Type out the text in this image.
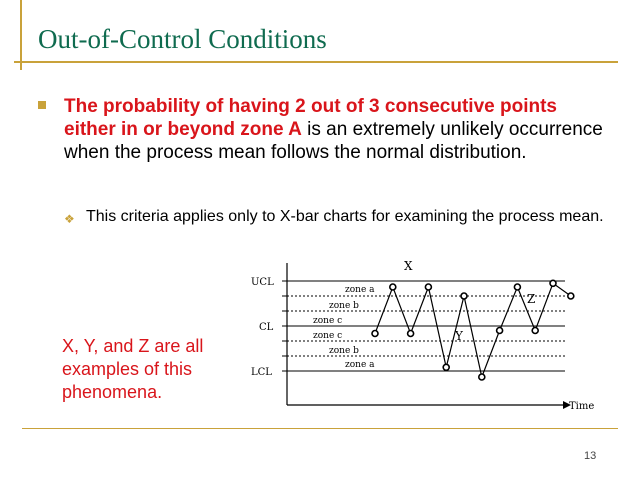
Out-of-Control Conditions
The probability of having 2 out of 3 consecutive points either in or beyond zone A is an extremely unlikely occurrence when the process mean follows the normal distribution.
❖ This criteria applies only to X-bar charts for examining the process mean.
X, Y, and Z are all examples of this phenomena.
UCL
CL
LCL
zone a
zone b
zone c
zone c
zone b
zone a
X
Y
Z
Time
13
